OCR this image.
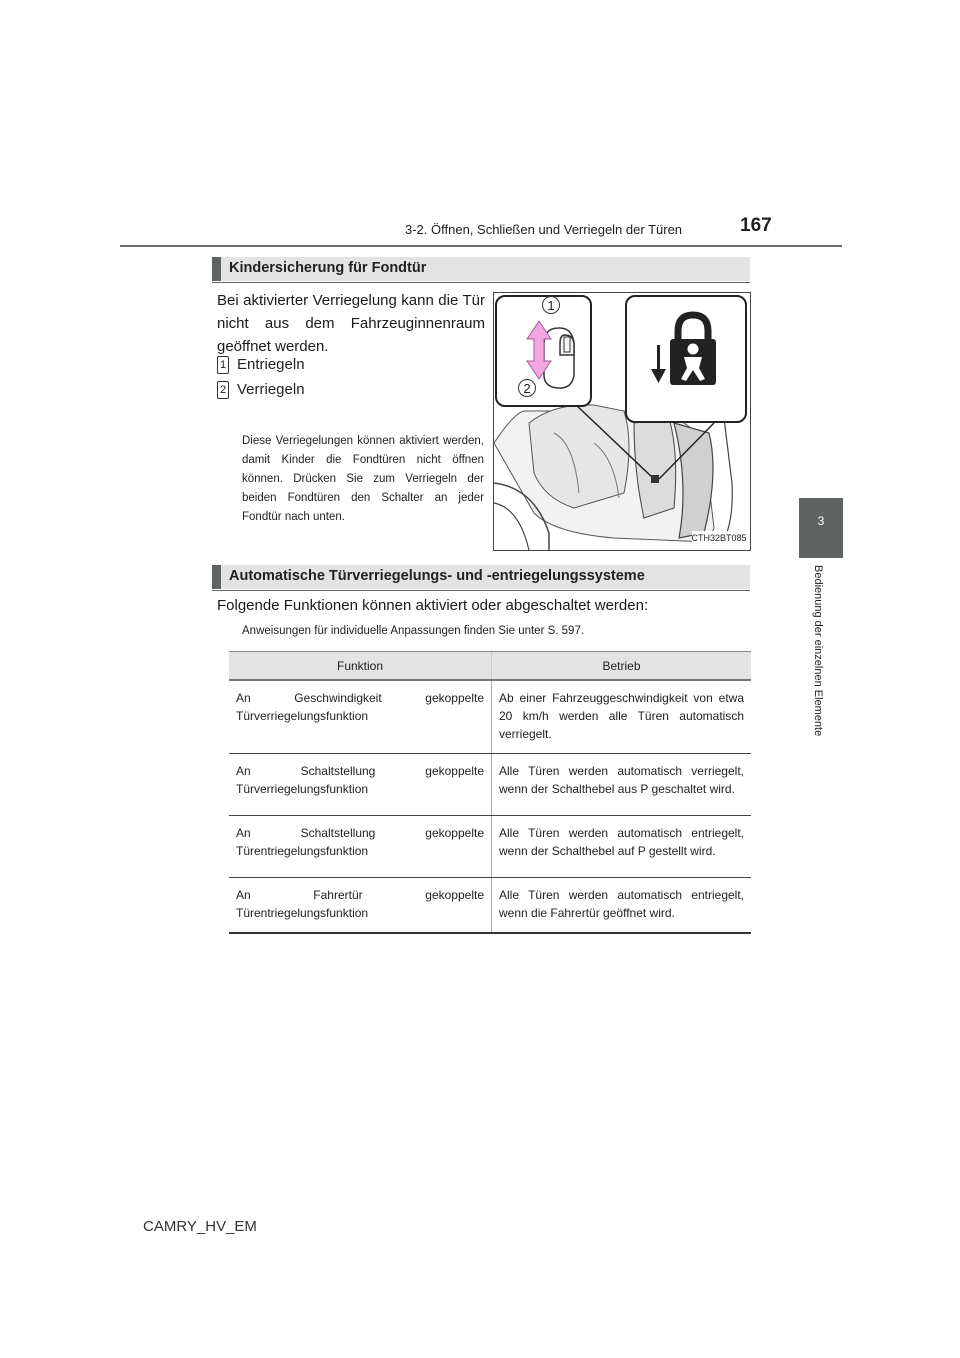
3-2. Öffnen, Schließen und Verriegeln der Türen	167
3
Bedienung der einzelnen Elemente
Kindersicherung für Fondtür
Bei aktivierter Verriegelung kann die Tür nicht aus dem Fahrzeuginnenraum geöffnet werden.
1 Entriegeln
2 Verriegeln
Diese Verriegelungen können aktiviert werden, damit Kinder die Fondtüren nicht öffnen können. Drücken Sie zum Verriegeln der beiden Fondtüren den Schalter an jeder Fondtür nach unten.
1
2
CTH32BT085
Automatische Türverriegelungs- und -entriegelungssysteme
Folgende Funktionen können aktiviert oder abgeschaltet werden:
Anweisungen für individuelle Anpassungen finden Sie unter S. 597.
Funktion	Betrieb
An Geschwindigkeit gekoppelte Türverriegelungsfunktion	Ab einer Fahrzeuggeschwindigkeit von etwa 20 km/h werden alle Türen automatisch verriegelt.
An Schaltstellung gekoppelte Türverriegelungsfunktion	Alle Türen werden automatisch verriegelt, wenn der Schalthebel aus P geschaltet wird.
An Schaltstellung gekoppelte Türentriegelungsfunktion	Alle Türen werden automatisch entriegelt, wenn der Schalthebel auf P gestellt wird.
An Fahrertür gekoppelte Türentriegelungsfunktion	Alle Türen werden automatisch entriegelt, wenn die Fahrertür geöffnet wird.
CAMRY_HV_EM
